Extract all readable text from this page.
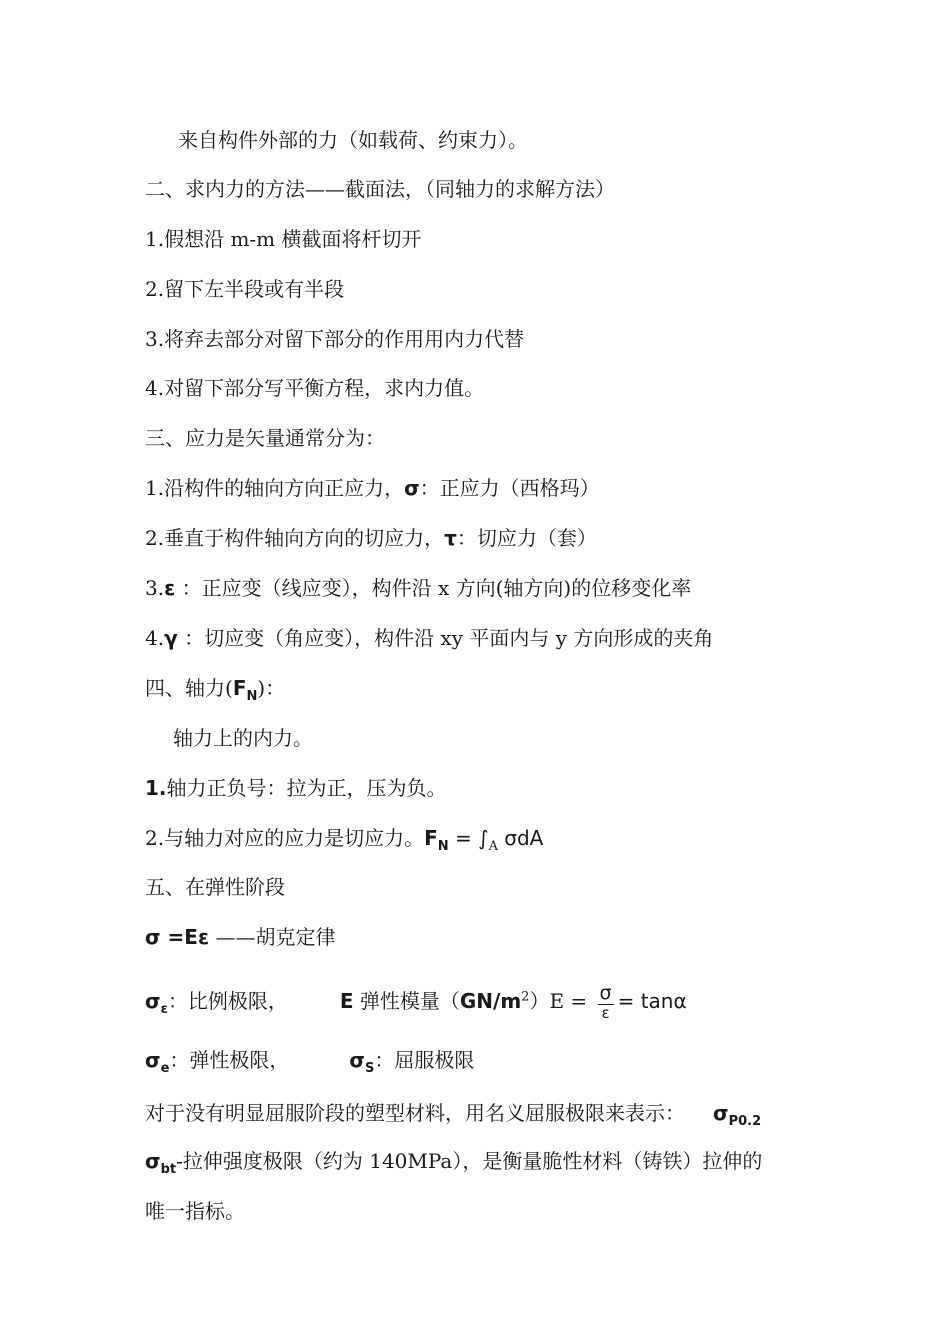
来自构件外部的力（如载荷、约束力）。
二、求内力的方法——截面法，（同轴力的求解方法）
1.假想沿 m-m 横截面将杆切开
2.留下左半段或有半段
3.将弃去部分对留下部分的作用用内力代替
4.对留下部分写平衡方程，求内力值。
三、应力是矢量通常分为：
1.沿构件的轴向方向正应力，σ：正应力（西格玛）
2.垂直于构件轴向方向的切应力，τ：切应力（套）
3.ε ：正应变（线应变），构件沿 x 方向(轴方向)的位移变化率
4.γ ：切应变（角应变），构件沿 xy 平面内与 y 方向形成的夹角
四、轴力$(F_N)$：
轴力上的内力。
1.轴力正负号：拉为正，压为负。
2.与轴力对应的应力是切应力。$F_N = \int_A$ σdA
五、在弹性阶段
σ =Eε ——胡克定律
$\sigma_\varepsilon$：比例极限，	E 弹性模量$(GN/m^2)E = \frac{\sigma}{\varepsilon} = \tan\alpha$
$\sigma_e$：弹性极限，	$\sigma_S$：屈服极限
对于没有明显屈服阶段的塑型材料，用名义屈服极限来表示： $\sigma_{P0.2}$
$\sigma_{bt}-$拉伸强度极限（约为 140MPa），是衡量脆性材料（铸铁）拉伸的
唯一指标。
